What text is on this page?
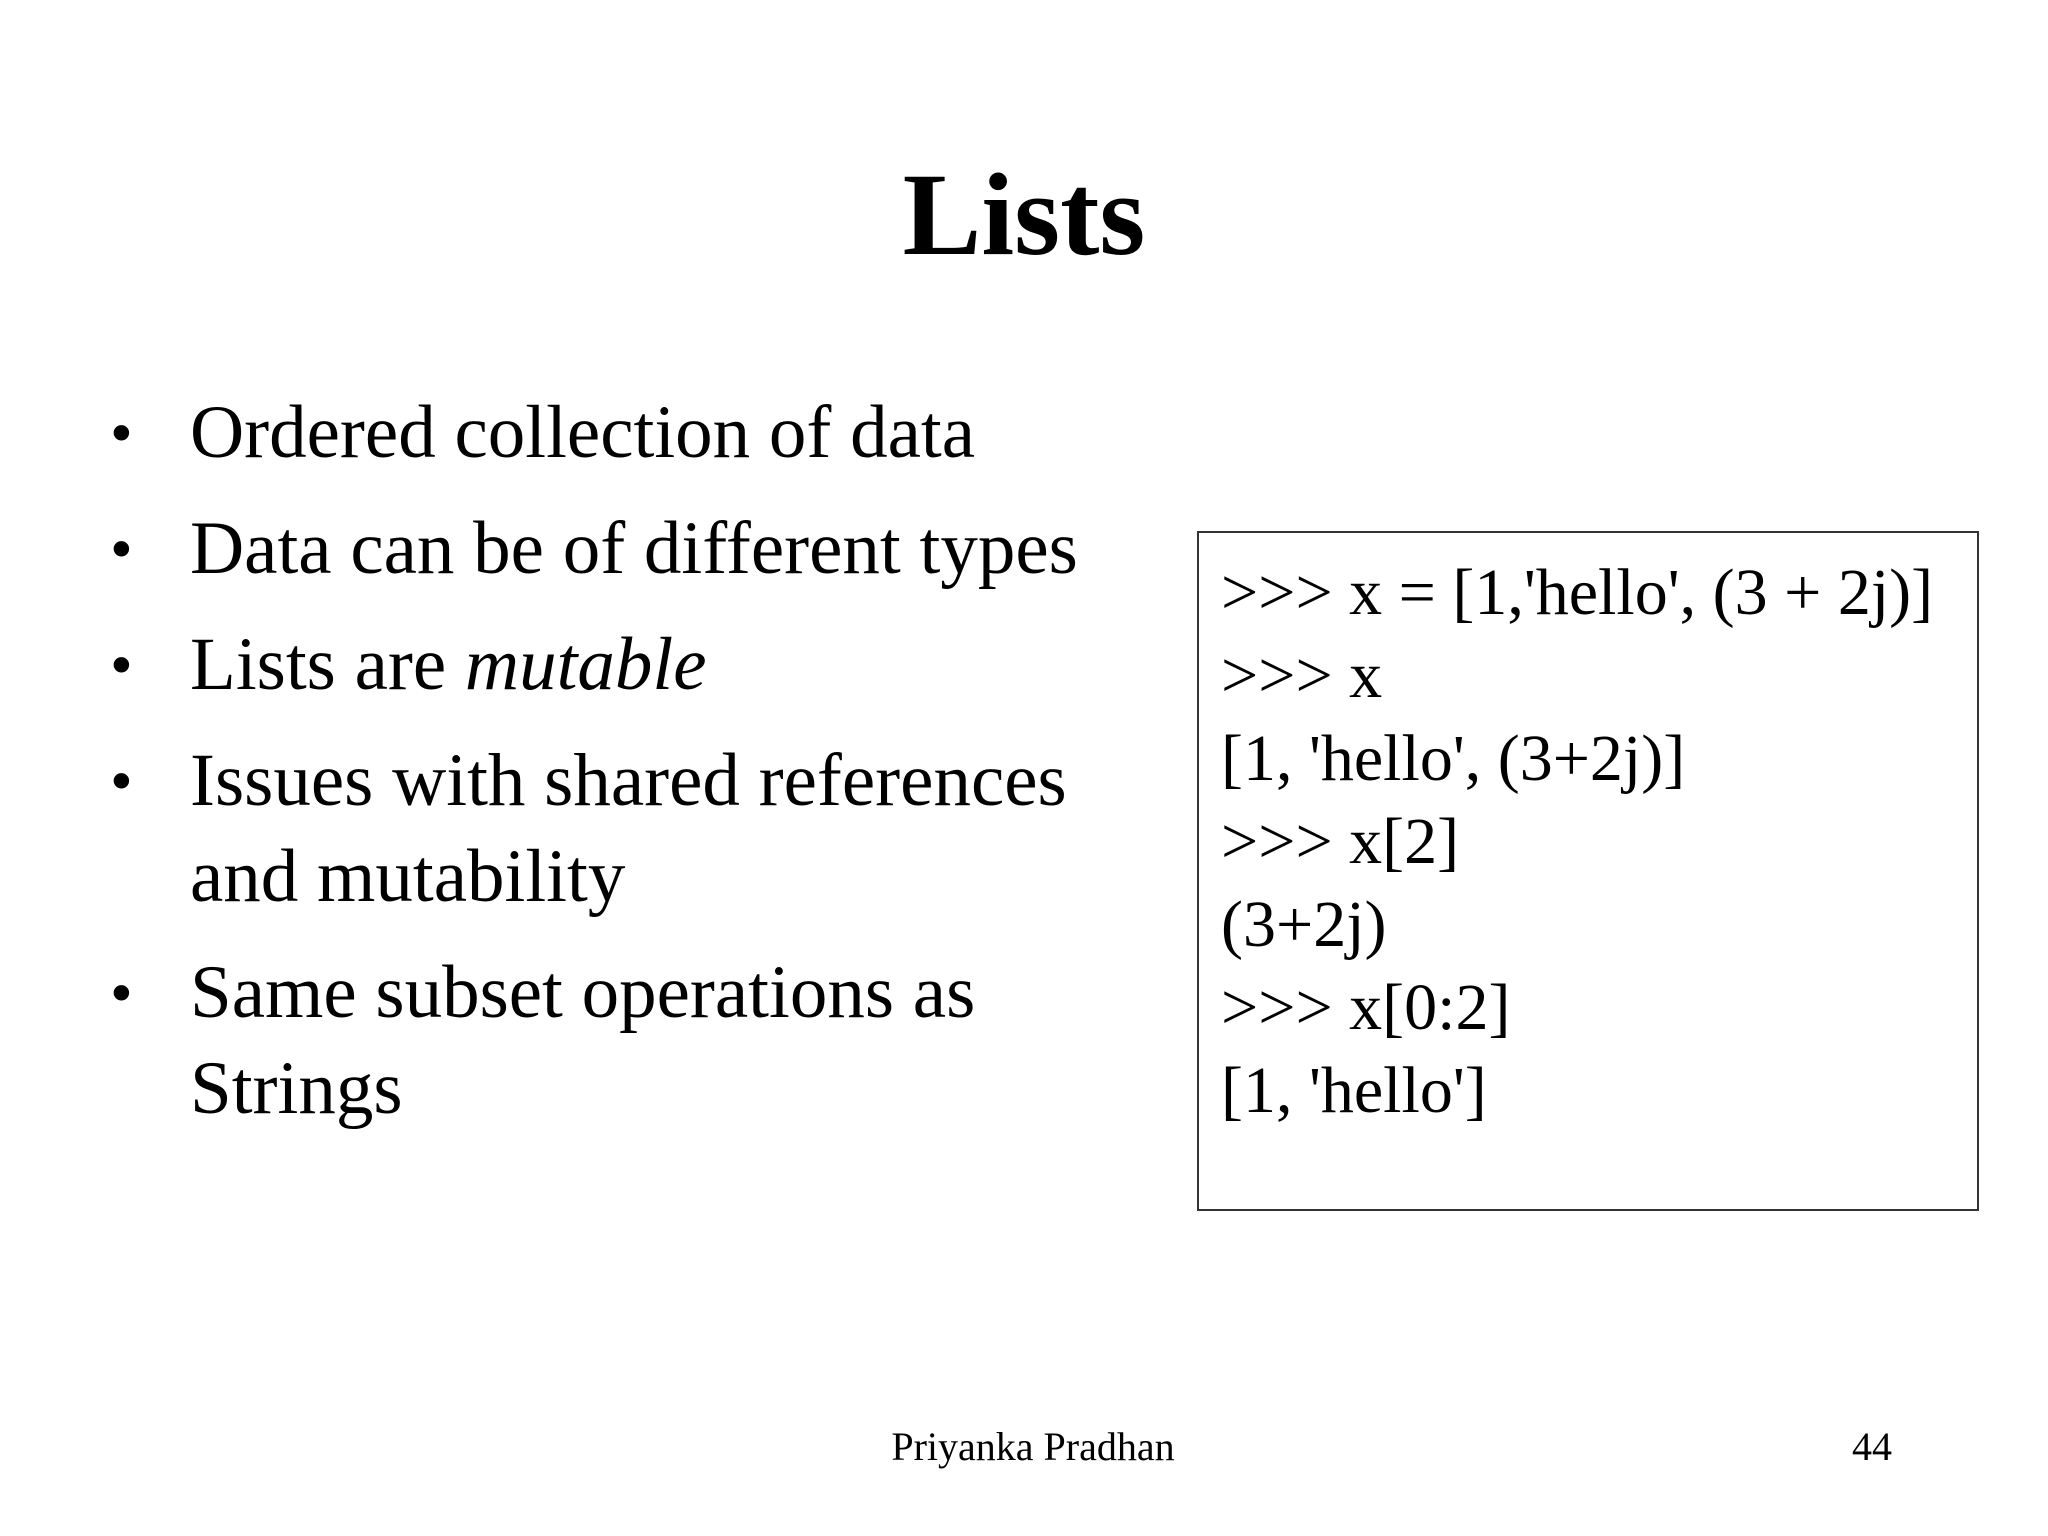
Lists
• Ordered collection of data
• Data can be of different types
• Lists are mutable
• Issues with shared references and mutability
• Same subset operations as Strings
>>> x = [1,'hello', (3 + 2j)]
>>> x
[1, 'hello', (3+2j)]
>>> x[2]
(3+2j)
>>> x[0:2]
[1, 'hello']
Priyanka Pradhan	44
